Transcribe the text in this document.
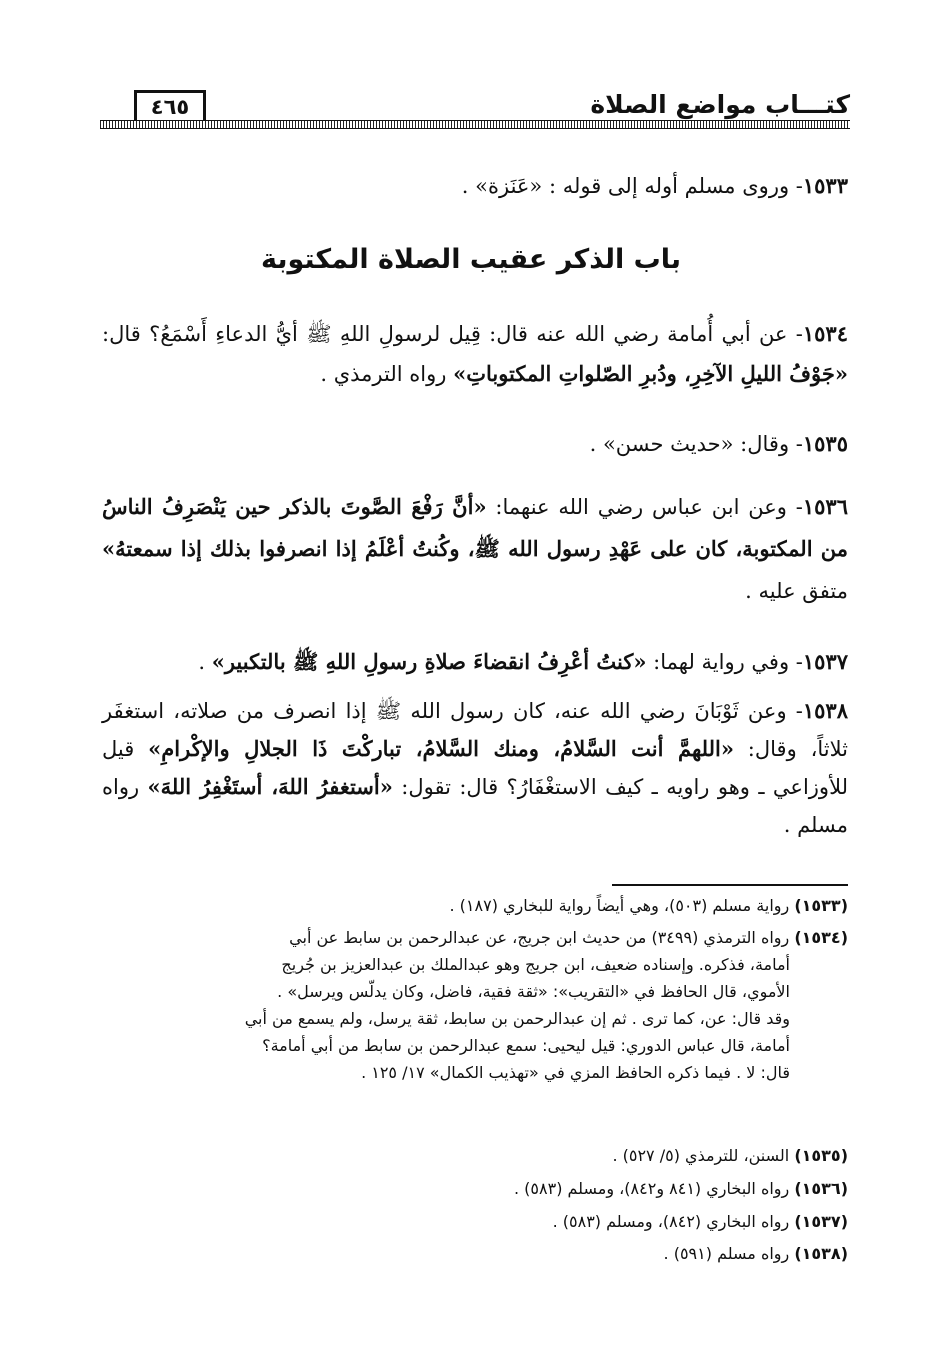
كتـــاب مواضع الصلاة
٤٦٥
١٥٣٣- وروى مسلم أوله إلى قوله : «عَنَزة» .
باب الذكر عقيب الصلاة المكتوبة
١٥٣٤- عن أبي أُمامة رضي الله عنه قال: قِيل لرسولِ اللهِ ﷺ أيُّ الدعاءِ أَسْمَعُ؟ قال: «جَوْفُ الليلِ الآخِرِ، ودُبرِ الصّلواتِ المكتوباتِ» رواه الترمذي .
١٥٣٥- وقال: «حديث حسن» .
١٥٣٦- وعن ابن عباس رضي الله عنهما: «أنَّ رَفْعَ الصَّوتَ بالذكر حين يَنْصَرِفُ الناسُ من المكتوبة، كان على عَهْدِ رسول الله ﷺ، وكُنتُ أعْلَمُ إذا انصرفوا بذلك إذا سمعتهُ» متفق عليه .
١٥٣٧- وفي رواية لهما: «كنتُ أعْرِفُ انقضاءَ صلاةِ رسولِ اللهِ ﷺ بالتكبير» .
١٥٣٨- وعن ثَوْبَانَ رضي الله عنه، كان رسول الله ﷺ إذا انصرف من صلاته، استغفَر ثلاثاً، وقال: «اللهمَّ أنت السَّلامُ، ومنك السَّلامُ، تباركْتَ ذَا الجلالِ والإكْرامِ» قيل للأوزاعي ـ وهو راويه ـ كيف الاستغْفَارُ؟ قال: تقول: «أستغفرُ اللهَ، أستَغْفِرُ اللهَ» رواه مسلم .
(١٥٣٣) رواية مسلم (٥٠٣)، وهي أيضاً رواية للبخاري (١٨٧) .
(١٥٣٤) رواه الترمذي (٣٤٩٩) من حديث ابن جريج، عن عبدالرحمن بن سابط عن أبي
أمامة، فذكره. وإسناده ضعيف، ابن جريج وهو عبدالملك بن عبدالعزيز بن جُريج
الأموي، قال الحافظ في «التقريب»: «ثقة فقية، فاضل، وكان يدلّس ويرسل» .
وقد قال: عن، كما ترى . ثم إن عبدالرحمن بن سابط، ثقة يرسل، ولم يسمع من أبي
أمامة، قال عباس الدوري: قيل ليحيى: سمع عبدالرحمن بن سابط من أبي أمامة؟
قال: لا . فيما ذكره الحافظ المزي في «تهذيب الكمال» ١٧/ ١٢٥ .
(١٥٣٥) السنن، للترمذي (٥/ ٥٢٧) .
(١٥٣٦) رواه البخاري (٨٤١ و٨٤٢)، ومسلم (٥٨٣) .
(١٥٣٧) رواه البخاري (٨٤٢)، ومسلم (٥٨٣) .
(١٥٣٨) رواه مسلم (٥٩١) .
